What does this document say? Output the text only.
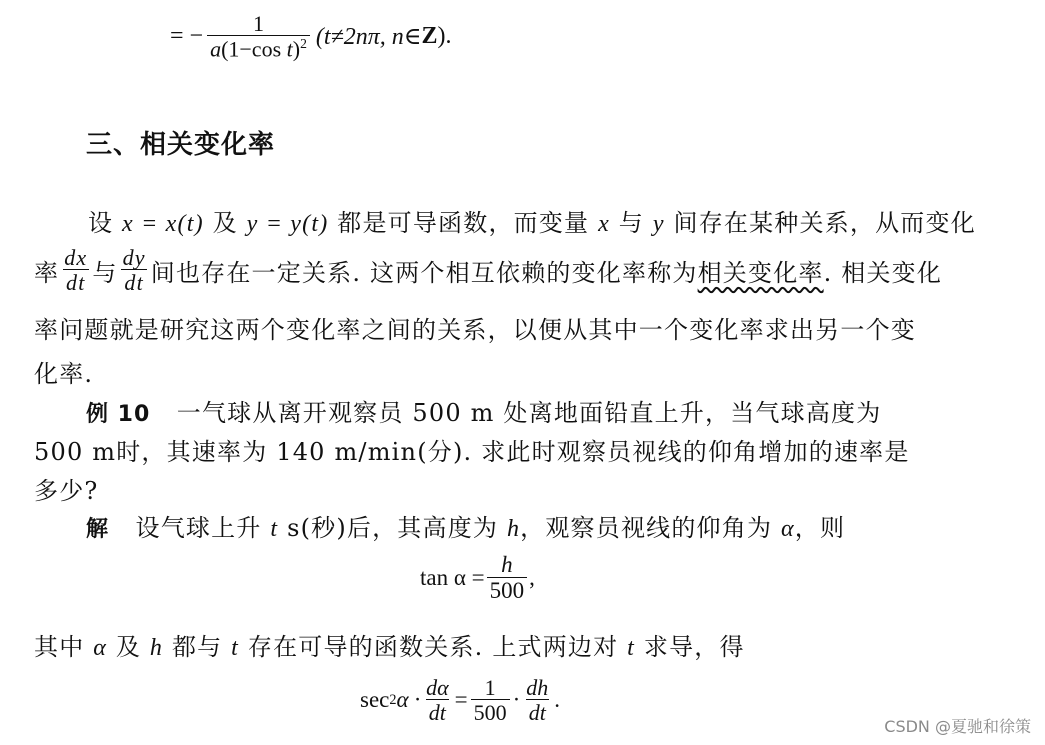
= − $\frac{1}{a(1-\cos t)^2} (t\ne 2n\pi$, n∈ Z ).
三、相关变化率
设 x = x(t) 及 y = y(t) 都是可导函数，而变量 x 与 y 间存在某种关系，从而变化
率 $\frac{dx}{dt}$ 与 $\frac{dy}{dt}$ 间也存在一定关系. 这两个相互依赖的变化率称为 相关变化率 . 相关变化
率问题就是研究这两个变化率之间的关系，以便从其中一个变化率求出另一个变
化率.
例 10 一气球从离开观察员 500 m 处离地面铅直上升，当气球高度为
500 m时，其速率为 140 m/min(分). 求此时观察员视线的仰角增加的速率是
多少?
解 设气球上升 t s(秒)后，其高度为 h，观察员视线的仰角为 α，则
$\tan \alpha = \frac{h}{500}$ ,
其中 α 及 h 都与 t 存在可导的函数关系. 上式两边对 t 求导，得
sec 2 $\alpha \cdot \frac{d\alpha}{dt} = \frac{1}{500} \cdot \frac{dh}{dt}$ .
CSDN @夏驰和徐策
